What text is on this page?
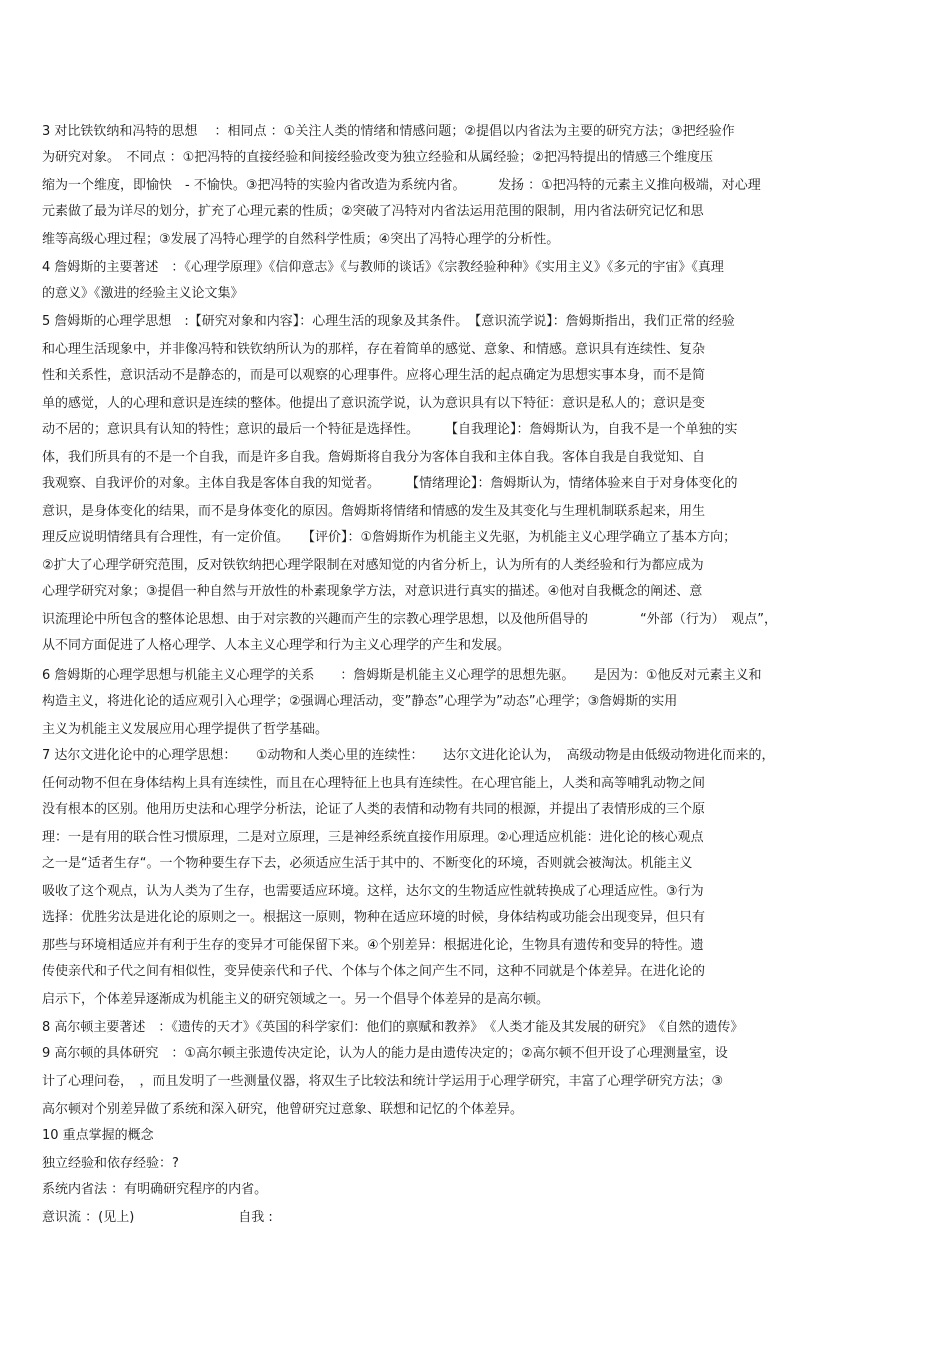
3 对比铁钦纳和冯特的思想　 ：相同点 ：①关注人类的情绪和情感问题；②提倡以内省法为主要的研究方法；③把经验作
为研究对象。　不同点 ：①把冯特的直接经验和间接经验改变为独立经验和从属经验；②把冯特提出的情感三个维度压
缩为一个维度，即愉快　- 不愉快。③把冯特的实验内省改造为系统内省。　　　发扬 ：①把冯特的元素主义推向极端，对心理
元素做了最为详尽的划分，扩充了心理元素的性质；②突破了冯特对内省法运用范围的限制，用内省法研究记忆和思
维等高级心理过程；③发展了冯特心理学的自然科学性质；④突出了冯特心理学的分析性。
4 詹姆斯的主要著述　：《心理学原理》《信仰意志》《与教师的谈话》《宗教经验种种》《实用主义》《多元的宇宙》《真理
的意义》《激进的经验主义论文集》
5 詹姆斯的心理学思想　:【研究对象和内容】：心理生活的现象及其条件。　【意识流学说】：詹姆斯指出，我们正常的经验
和心理生活现象中，并非像冯特和铁钦纳所认为的那样，存在着简单的感觉、意象、和情感。意识具有连续性、复杂
性和关系性，意识活动不是静态的，而是可以观察的心理事件。应将心理生活的起点确定为思想实事本身，而不是简
单的感觉，人的心理和意识是连续的整体。他提出了意识流学说，认为意识具有以下特征：意识是私人的；意识是变
动不居的；意识具有认知的特性；意识的最后一个特征是选择性。　　　【自我理论】：詹姆斯认为，自我不是一个单独的实
体，我们所具有的不是一个自我，而是许多自我。詹姆斯将自我分为客体自我和主体自我。客体自我是自我觉知、自
我观察、自我评价的对象。主体自我是客体自我的知觉者。　　　【情绪理论】：詹姆斯认为，情绪体验来自于对身体变化的
意识，是身体变化的结果，而不是身体变化的原因。詹姆斯将情绪和情感的发生及其变化与生理机制联系起来，用生
理反应说明情绪具有合理性，有一定价值。　　【评价】：①詹姆斯作为机能主义先驱，为机能主义心理学确立了基本方向；
②扩大了心理学研究范围，反对铁钦纳把心理学限制在对感知觉的内省分析上，认为所有的人类经验和行为都应成为
心理学研究对象；③提倡一种自然与开放性的朴素现象学方法，对意识进行真实的描述。④他对自我概念的阐述、意
识流理论中所包含的整体论思想、由于对宗教的兴趣而产生的宗教心理学思想，以及他所倡导的　　　　“外部（行为）　观点”，
从不同方面促进了人格心理学、人本主义心理学和行为主义心理学的产生和发展。
6 詹姆斯的心理学思想与机能主义心理学的关系　　：詹姆斯是机能主义心理学的思想先驱。　　是因为：①他反对元素主义和
构造主义，将进化论的适应观引入心理学；②强调心理活动，变”静态”心理学为”动态”心理学；③詹姆斯的实用
主义为机能主义发展应用心理学提供了哲学基础。
7 达尔文进化论中的心理学思想：　　①动物和人类心里的连续性：　　达尔文进化论认为，　高级动物是由低级动物进化而来的，
任何动物不但在身体结构上具有连续性，而且在心理特征上也具有连续性。在心理官能上，人类和高等哺乳动物之间
没有根本的区别。他用历史法和心理学分析法，论证了人类的表情和动物有共同的根源，并提出了表情形成的三个原
理：一是有用的联合性习惯原理，二是对立原理，三是神经系统直接作用原理。②心理适应机能：进化论的核心观点
之一是“适者生存“。一个物种要生存下去，必须适应生活于其中的、不断变化的环境，否则就会被淘汰。机能主义
吸收了这个观点，认为人类为了生存，也需要适应环境。这样，达尔文的生物适应性就转换成了心理适应性。③行为
选择：优胜劣汰是进化论的原则之一。根据这一原则，物种在适应环境的时候，身体结构或功能会出现变异，但只有
那些与环境相适应并有利于生存的变异才可能保留下来。④个别差异：根据进化论，生物具有遗传和变异的特性。遗
传使亲代和子代之间有相似性，变异使亲代和子代、个体与个体之间产生不同，这种不同就是个体差异。在进化论的
启示下，个体差异逐渐成为机能主义的研究领域之一。另一个倡导个体差异的是高尔顿。
8 高尔顿主要著述　：《遗传的天才》《英国的科学家们：他们的禀赋和教养》　《人类才能及其发展的研究》　《自然的遗传》
9 高尔顿的具体研究　：①高尔顿主张遗传决定论，认为人的能力是由遗传决定的；②高尔顿不但开设了心理测量室，设
计了心理问卷，　，而且发明了一些测量仪器，将双生子比较法和统计学运用于心理学研究，丰富了心理学研究方法；③
高尔顿对个别差异做了系统和深入研究，他曾研究过意象、联想和记忆的个体差异。
10 重点掌握的概念
独立经验和依存经验：?
系统内省法 ：有明确研究程序的内省。
意识流 ：(见上)　　　　　　　　自我 :
